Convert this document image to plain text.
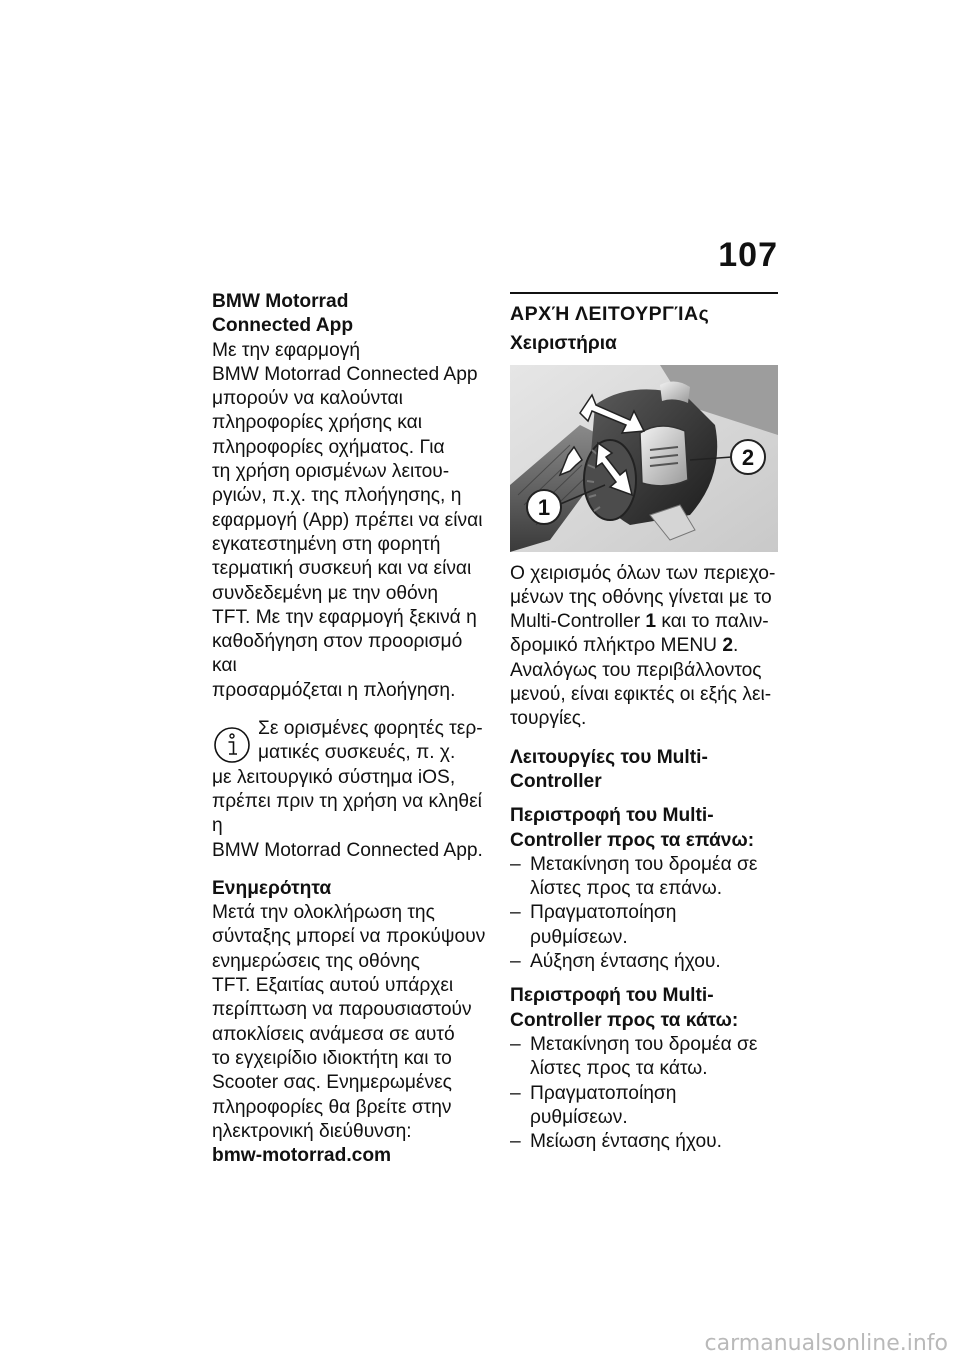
107

BMW Motorrad

Connected App

Με την εφαρμογή

BMW Motorrad Connected App

μπορούν να καλούνται

πληροφορίες χρήσης και

πληροφορίες οχήματος. Για

τη χρήση ορισμένων λειτου-

ργιών, π.χ. της πλοήγησης, η

εφαρμογή (App) πρέπει να είναι

εγκατεστημένη στη φορητή

τερματική συσκευή και να είναι

συνδεδεμένη με την οθόνη

TFT. Με την εφαρμογή ξεκινά η

καθοδήγηση στον προορισμό και

προσαρμόζεται η πλοήγηση.

Σε ορισμένες φορητές τερ-

ματικές συσκευές, π. χ.

με λειτουργικό σύστημα iOS,

πρέπει πριν τη χρήση να κληθεί η

BMW Motorrad Connected App.

Ενημερότητα

Μετά την ολοκλήρωση της

σύνταξης μπορεί να προκύψουν

ενημερώσεις της οθόνης

TFT. Εξαιτίας αυτού υπάρχει

περίπτωση να παρουσιαστούν

αποκλίσεις ανάμεσα σε αυτό

το εγχειρίδιο ιδιοκτήτη και το

Scooter σας. Ενημερωμένες

πληροφορίες θα βρείτε στην

ηλεκτρονική διεύθυνση:

bmw-motorrad.com

ΑΡΧΉ ΛΕΙΤΟΥΡΓΊΑς

Χειριστήρια

1
2

Ο χειρισμός όλων των περιεχο-

μένων της οθόνης γίνεται με το

Multi-Controller 1 και το παλιν-

δρομικό πλήκτρο MENU 2.

Αναλόγως του περιβάλλοντος

μενού, είναι εφικτές οι εξής λει-

τουργίες.

Λειτουργίες του Multi-

Controller

Περιστροφή του Multi-

Controller προς τα επάνω:

– Μετακίνηση του δρομέα σε
λίστες προς τα επάνω.
– Πραγματοποίηση ρυθμίσεων.
– Αύξηση έντασης ήχου.

Περιστροφή του Multi-

Controller προς τα κάτω:

– Μετακίνηση του δρομέα σε
λίστες προς τα κάτω.
– Πραγματοποίηση ρυθμίσεων.
– Μείωση έντασης ήχου.
carmanualsonline.info
